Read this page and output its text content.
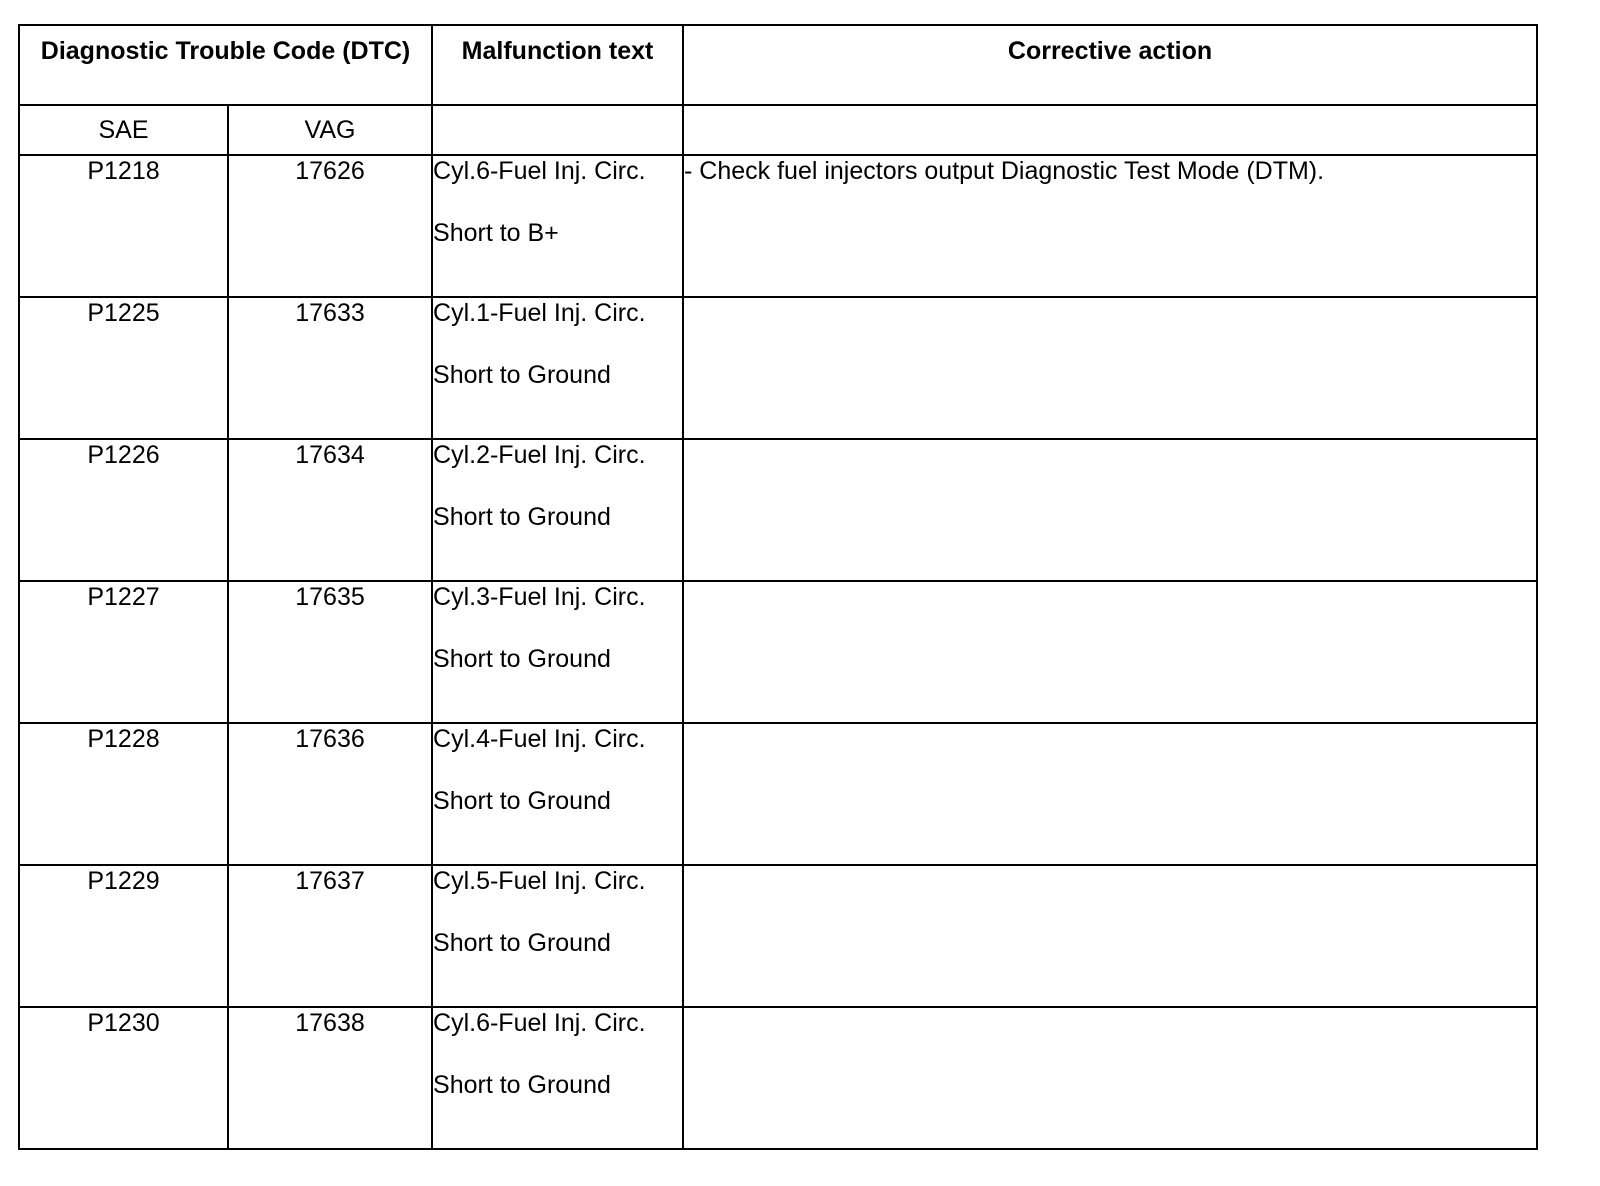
Diagnostic Trouble Code (DTC)		Malfunction text	Corrective action
SAE	VAG		
P1218	17626	Cyl.6-Fuel Inj. Circ.
Short to B+	- Check fuel injectors output Diagnostic Test Mode (DTM).
P1225	17633	Cyl.1-Fuel Inj. Circ.
Short to Ground	

P1226	17634	Cyl.2-Fuel Inj. Circ.
Short to Ground	

P1227	17635	Cyl.3-Fuel Inj. Circ.
Short to Ground	

P1228	17636	Cyl.4-Fuel Inj. Circ.
Short to Ground	

P1229	17637	Cyl.5-Fuel Inj. Circ.
Short to Ground	

P1230	17638	Cyl.6-Fuel Inj. Circ.
Short to Ground	
